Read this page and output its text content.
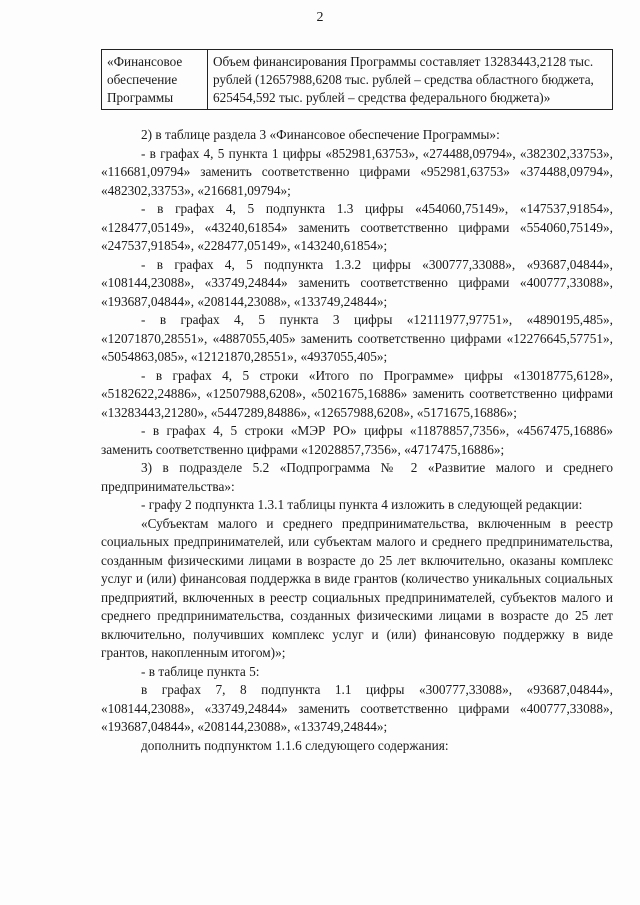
2
«Финансовое обеспечение Программы	Объем финансирования Программы составляет 13283443,2128 тыс. рублей (12657988,6208 тыс. рублей – средства областного бюджета, 625454,592 тыс. рублей – средства федерального бюджета)»

2) в таблице раздела 3 «Финансовое обеспечение Программы»:

- в графах 4, 5 пункта 1 цифры «852981,63753», «274488,09794», «382302,33753», «116681,09794» заменить соответственно цифрами «952981,63753» «374488,09794», «482302,33753», «216681,09794»;

- в графах 4, 5 подпункта 1.3 цифры «454060,75149», «147537,91854», «128477,05149», «43240,61854» заменить соответственно цифрами «554060,75149», «247537,91854», «228477,05149», «143240,61854»;

- в графах 4, 5 подпункта 1.3.2 цифры «300777,33088», «93687,04844», «108144,23088», «33749,24844» заменить соответственно цифрами «400777,33088», «193687,04844», «208144,23088», «133749,24844»;

- в графах 4, 5 пункта 3 цифры «12111977,97751», «4890195,485», «12071870,28551», «4887055,405» заменить соответственно цифрами «12276645,57751», «5054863,085», «12121870,28551», «4937055,405»;

- в графах 4, 5 строки «Итого по Программе» цифры «13018775,6128», «5182622,24886», «12507988,6208», «5021675,16886» заменить соответственно цифрами «13283443,21280», «5447289,84886», «12657988,6208», «5171675,16886»;

- в графах 4, 5 строки «МЭР РО» цифры «11878857,7356», «4567475,16886» заменить соответственно цифрами «12028857,7356», «4717475,16886»;

3) в подразделе 5.2 «Подпрограмма № 2 «Развитие малого и среднего предпринимательства»:

- графу 2 подпункта 1.3.1 таблицы пункта 4 изложить в следующей редакции:

«Субъектам малого и среднего предпринимательства, включенным в реестр социальных предпринимателей, или субъектам малого и среднего предпринимательства, созданным физическими лицами в возрасте до 25 лет включительно, оказаны комплекс услуг и (или) финансовая поддержка в виде грантов (количество уникальных социальных предприятий, включенных в реестр социальных предпринимателей, субъектов малого и среднего предпринимательства, созданных физическими лицами в возрасте до 25 лет включительно, получивших комплекс услуг и (или) финансовую поддержку в виде грантов, накопленным итогом)»;

- в таблице пункта 5:

в графах 7, 8 подпункта 1.1 цифры «300777,33088», «93687,04844», «108144,23088», «33749,24844» заменить соответственно цифрами «400777,33088», «193687,04844», «208144,23088», «133749,24844»;

дополнить подпунктом 1.1.6 следующего содержания:
